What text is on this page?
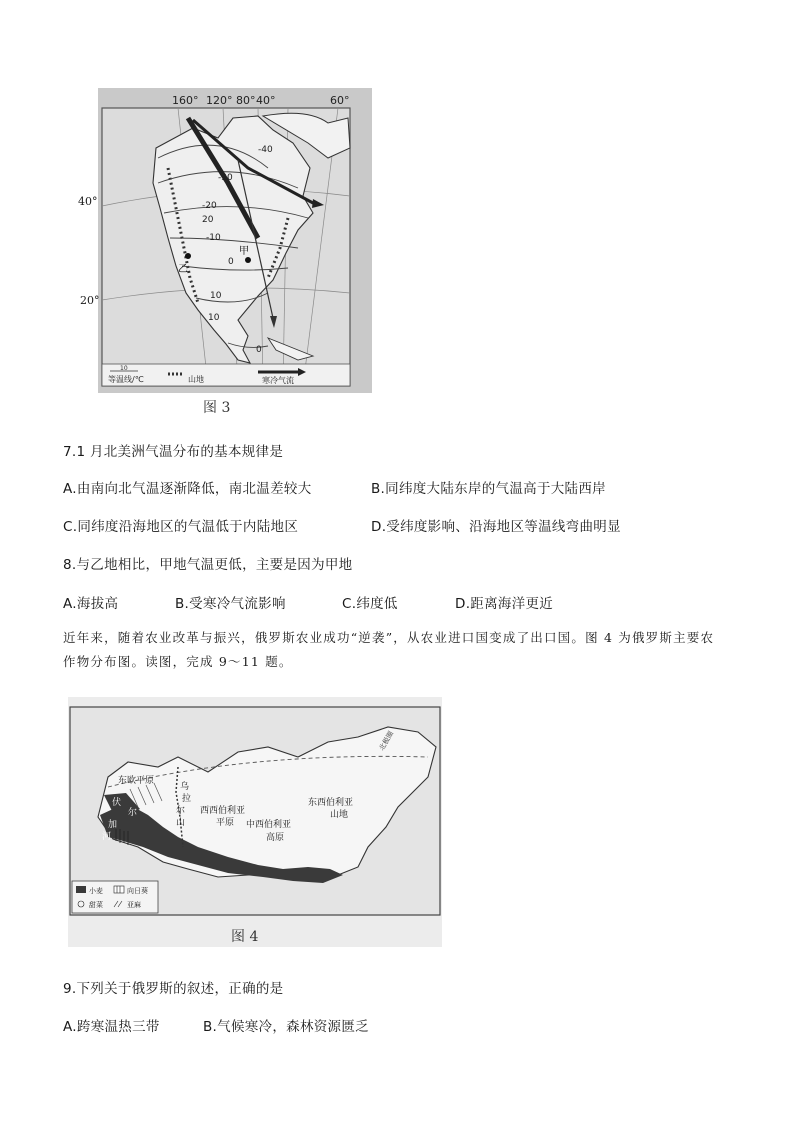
甲
乙
-40
-30
-20
-10
0
10
20
10
0
160° 120° 80° 40°	60°
10
等温线/℃	山地	寒冷气流
40°
20°
图 3
7.1 月北美洲气温分布的基本规律是
A.由南向北气温逐渐降低，南北温差较大	B.同纬度大陆东岸的气温高于大陆西岸
C.同纬度沿海地区的气温低于内陆地区	D.受纬度影响、沿海地区等温线弯曲明显
8.与乙地相比，甲地气温更低，主要是因为甲地
A.海拔高	B.受寒冷气流影响	C.纬度低	D.距离海洋更近
近年来，随着农业改革与振兴，俄罗斯农业成功“逆袭”，从农业进口国变成了出口国。图 4 为俄罗斯主要农
作物分布图。读图，完成 9～11 题。
北极圈
东欧平原
西西伯利亚
平原 中西伯利亚
高原
东西伯利亚
山地
乌
拉
尔
山
伏
尔
加
河
小麦	向日葵
甜菜	亚麻
图 4
9.下列关于俄罗斯的叙述，正确的是
A.跨寒温热三带	B.气候寒冷，森林资源匮乏
